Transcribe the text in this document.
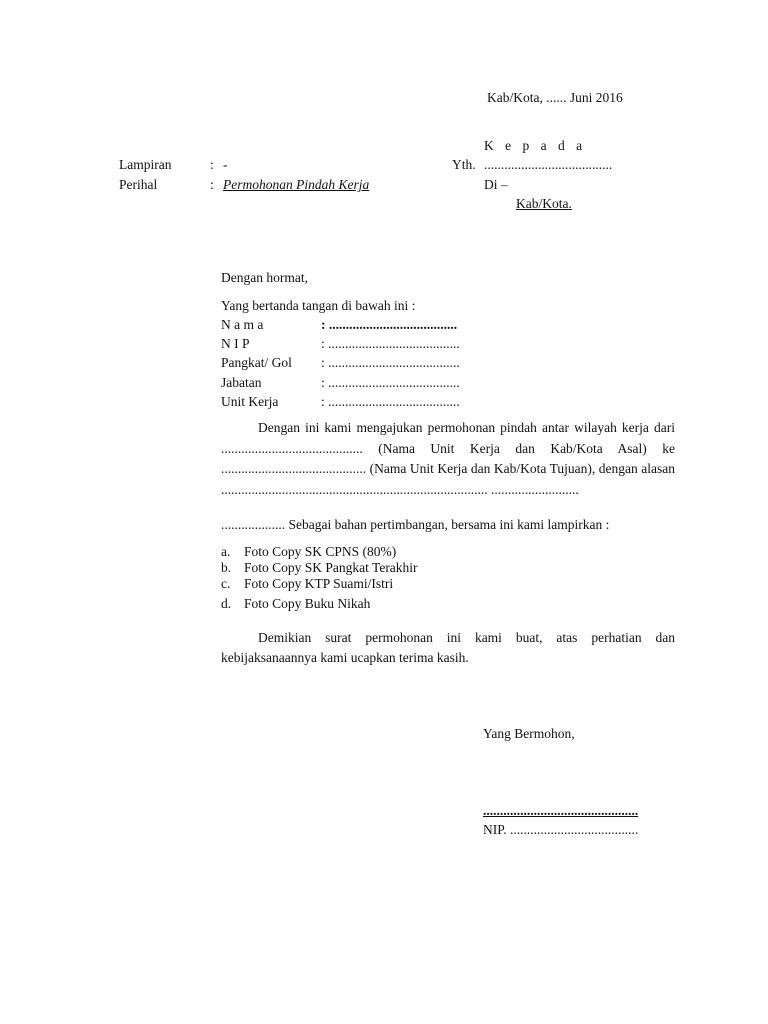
Kab/Kota, ...... Juni 2016
K e p a d a
Yth. ......................................
Di –
Kab/Kota.
Lampiran	: -
Perihal	: Permohonan Pindah Kerja
Dengan hormat,
Yang bertanda tangan di bawah ini :
N a m a	: ......................................
N I P	: .......................................
Pangkat/ Gol : .......................................
Jabatan	: .......................................
Unit Kerja	: .......................................
Dengan ini kami mengajukan permohonan pindah antar wilayah kerja dari .......................................... (Nama Unit Kerja dan Kab/Kota Asal) ke ........................................... (Nama Unit Kerja dan Kab/Kota Tujuan), dengan alasan ............................................................................... ..........................
................... Sebagai bahan pertimbangan, bersama ini kami lampirkan :
a. Foto Copy SK CPNS (80%)
b. Foto Copy SK Pangkat Terakhir
c. Foto Copy KTP Suami/Istri
d. Foto Copy Buku Nikah
Demikian surat permohonan ini kami buat, atas perhatian dan kebijaksanaannya kami ucapkan terima kasih.
Yang Bermohon,
..............................................
NIP. ......................................
